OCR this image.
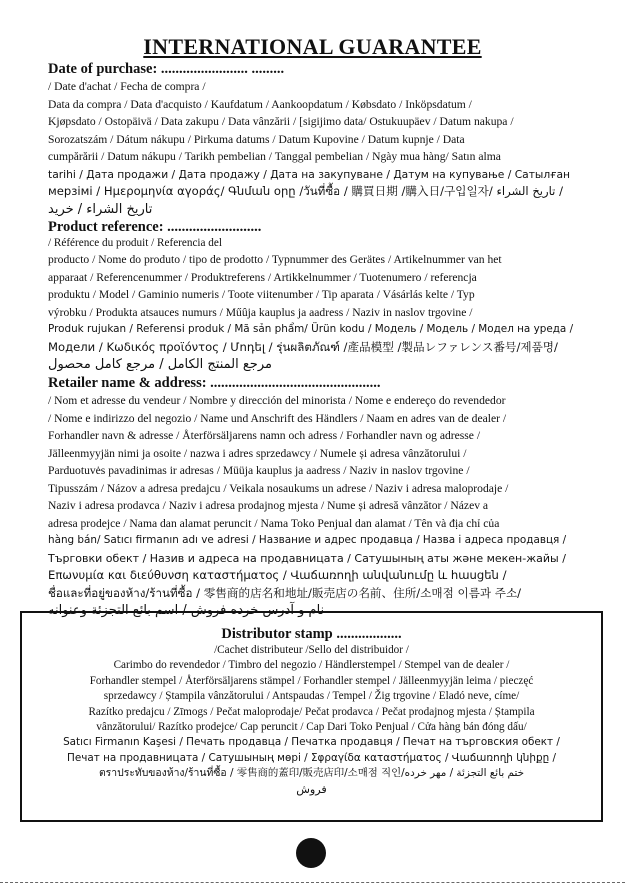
INTERNATIONAL GUARANTEE

Date of purchase: ........................ .........
/ Date d'achat / Fecha de compra /

Data da compra / Data d'acquisto / Kaufdatum / Aankoopdatum / Købsdato / Inköpsdatum /

Kjøpsdato / Ostopäivä / Data zakupu / Data vânzării / [sigijimo data/ Ostukuupäev / Datum nakupa /

Sorozatszám / Dátum nákupu / Pirkuma datums / Datum Kupovine / Datum kupnje / Data

cumpărării / Datum nákupu / Tarikh pembelian / Tanggal pembelian / Ngày mua hàng/ Satın alma

tarihi / Дата продажи / Дата продажу / Дата на закупуване / Датум на купување / Сатылған

мерзімі / Ημερομηνία αγοράς/ Գնման օրը /วันที่ซื้อ / 購買日期 /購入日/구입일자/ تاريخ الشراء /

تاريخ الشراء / خريد

Product reference: ..........................
/ Référence du produit / Referencia del

producto / Nome do produto / tipo de prodotto / Typnummer des Gerätes / Artikelnummer van het

apparaat / Referencenummer / Produktreferens / Artikkelnummer / Tuotenumero / referencja

produktu / Model / Gaminio numeris / Toote viitenumber / Tip aparata / Vásárlás kelte / Typ

výrobku / Produkta atsauces numurs / Műûja kauplus ja aadress / Naziv in naslov trgovine /

Produk rujukan / Referensi produk / Mã sản phẩm/ Ürün kodu / Модель / Модель / Модел на уреда /

Модели / Κωδικός προϊόντος / Մոդել / รุ่นผลิตภัณฑ์ /產品模型 /製品レファレンス番号/제품명/

مرجع المنتج الكامل / مرجع كامل محصول

Retailer name & address: ...............................................

/ Nom et adresse du vendeur / Nombre y dirección del minorista / Nome e endereço do revendedor

/ Nome e indirizzo del negozio / Name und Anschrift des Händlers / Naam en adres van de dealer /

Forhandler navn & adresse / Återförsäljarens namn och adress / Forhandler navn og adresse /

Jälleenmyyjän nimi ja osoite / nazwa i adres sprzedawcy / Numele și adresa vânzătorului /

Parduotuvės pavadinimas ir adresas / Müüja kauplus ja aadress / Naziv in naslov trgovine /

Tipusszám / Názov a adresa predajcu / Veikala nosaukums un adrese / Naziv i adresa maloprodaje /

Naziv i adresa prodavca / Naziv i adresa prodajnog mjesta / Nume și adresă vânzător / Název a

adresa prodejce / Nama dan alamat peruncit / Nama Toko Penjual dan alamat / Tên và địa chỉ của

hàng bán/ Satıcı firmanın adı ve adresi / Название и адрес продавца / Назва і адреса продавця /

Търговки обект / Назив и адреса на продавницата / Сатушының аты және мекен-жайы /

Επωνυμία και διεύθυνση καταστήματος / Վաճառողի անվանումը և հասցեն /

ชื่อและที่อยู่ของห้าง/ร้านที่ซื้อ / 零售商的店名和地址/販売店の名前、住所/소매점 이름과 주소/

نام و آدرس خرده فروش / اسم بائع التجزئة وعنوانه

Distributor stamp ..................
/Cachet distributeur /Sello del distribuidor /

Carimbo do revendedor / Timbro del negozio / Händlerstempel / Stempel van de dealer /

Forhandler stempel / Återförsäljarens stämpel / Forhandler stempel / Jälleenmyyjän leima / pieczęć

sprzedawcy / Ștampila vânzătorului / Antspaudas / Tempel / Žig trgovine / Eladó neve, címe/

Razítko predajcu / Zīmogs / Pečat maloprodaje/ Pečat prodavca / Pečat prodajnog mjesta / Ștampila

vânzătorului/ Razítko prodejce/ Cap peruncit / Cap Dari Toko Penjual / Cửa hàng bán đóng dấu/

Satıcı Firmanın Kaşesi / Печать продавца / Печатка продавця / Печат на търговския обект /

Печат на продавницата / Сатушының мөрі / Σφραγίδα καταστήματος / Վաճառողի կնիքը /

ตราประทับของห้าง/ร้านที่ซื้อ / 零售商的蓋印/販売店印/소매점 직인/ختم بائع التجزئة / مهر خرده

فروش
